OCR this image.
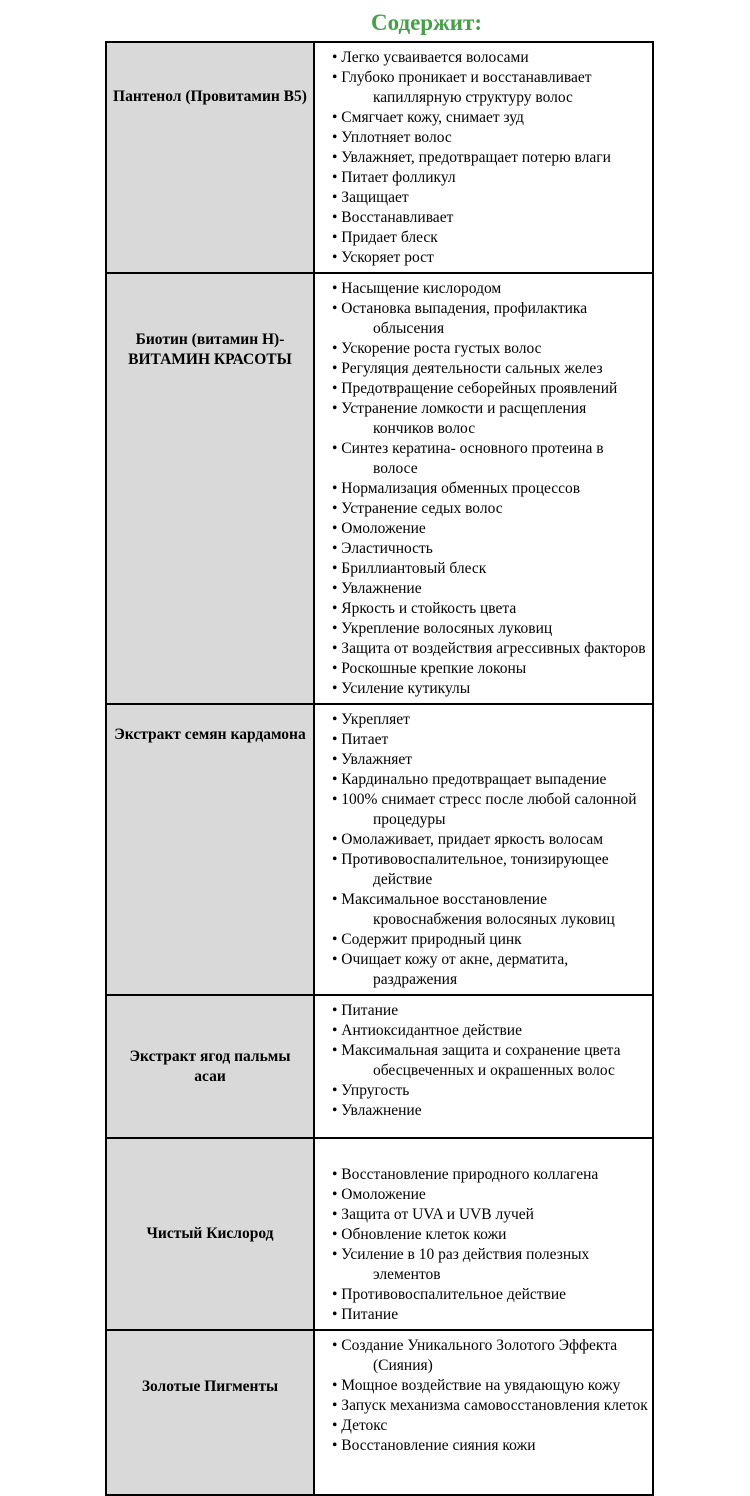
Содержит:
Пантенол (Провитамин B5)

• Легко усваивается волосами
• Глубоко проникает и восстанавливает капиллярную структуру волос
• Смягчает кожу, снимает зуд
• Уплотняет волос
• Увлажняет, предотвращает потерю влаги
• Питает фолликул
• Защищает
• Восстанавливает
• Придает блеск
• Ускоряет рост

Биотин (витамин Н)-
ВИТАМИН КРАСОТЫ

• Насыщение кислородом
• Остановка выпадения, профилактика облысения
• Ускорение роста густых волос
• Регуляция деятельности сальных желез
• Предотвращение себорейных проявлений
• Устранение ломкости и расщепления кончиков волос
• Синтез кератина- основного протеина в волосе
• Нормализация обменных процессов
• Устранение седых волос
• Омоложение
• Эластичность
• Бриллиантовый блеск
• Увлажнение
• Яркость и стойкость цвета
• Укрепление волосяных луковиц
• Защита от воздействия агрессивных факторов
• Роскошные крепкие локоны
• Усиление кутикулы

Экстракт семян кардамона

• Укрепляет
• Питает
• Увлажняет
• Кардинально предотвращает выпадение
• 100% снимает стресс после любой салонной процедуры
• Омолаживает, придает яркость волосам
• Противовоспалительное, тонизирующее действие
• Максимальное восстановление кровоснабжения волосяных луковиц
• Содержит природный цинк
• Очищает кожу от акне, дерматита, раздражения

Экстракт ягод пальмы асаи

• Питание
• Антиоксидантное действие
• Максимальная защита и сохранение цвета обесцвеченных и окрашенных волос
• Упругость
• Увлажнение

Чистый Кислород

• Восстановление природного коллагена
• Омоложение
• Защита от UVA и UVB лучей
• Обновление клеток кожи
• Усиление в 10 раз действия полезных элементов
• Противовоспалительное действие
• Питание

Золотые Пигменты

• Создание Уникального Золотого Эффекта (Сияния)
• Мощное воздействие на увядающую кожу
• Запуск механизма самовосстановления клеток
• Детокс
• Восстановление сияния кожи
